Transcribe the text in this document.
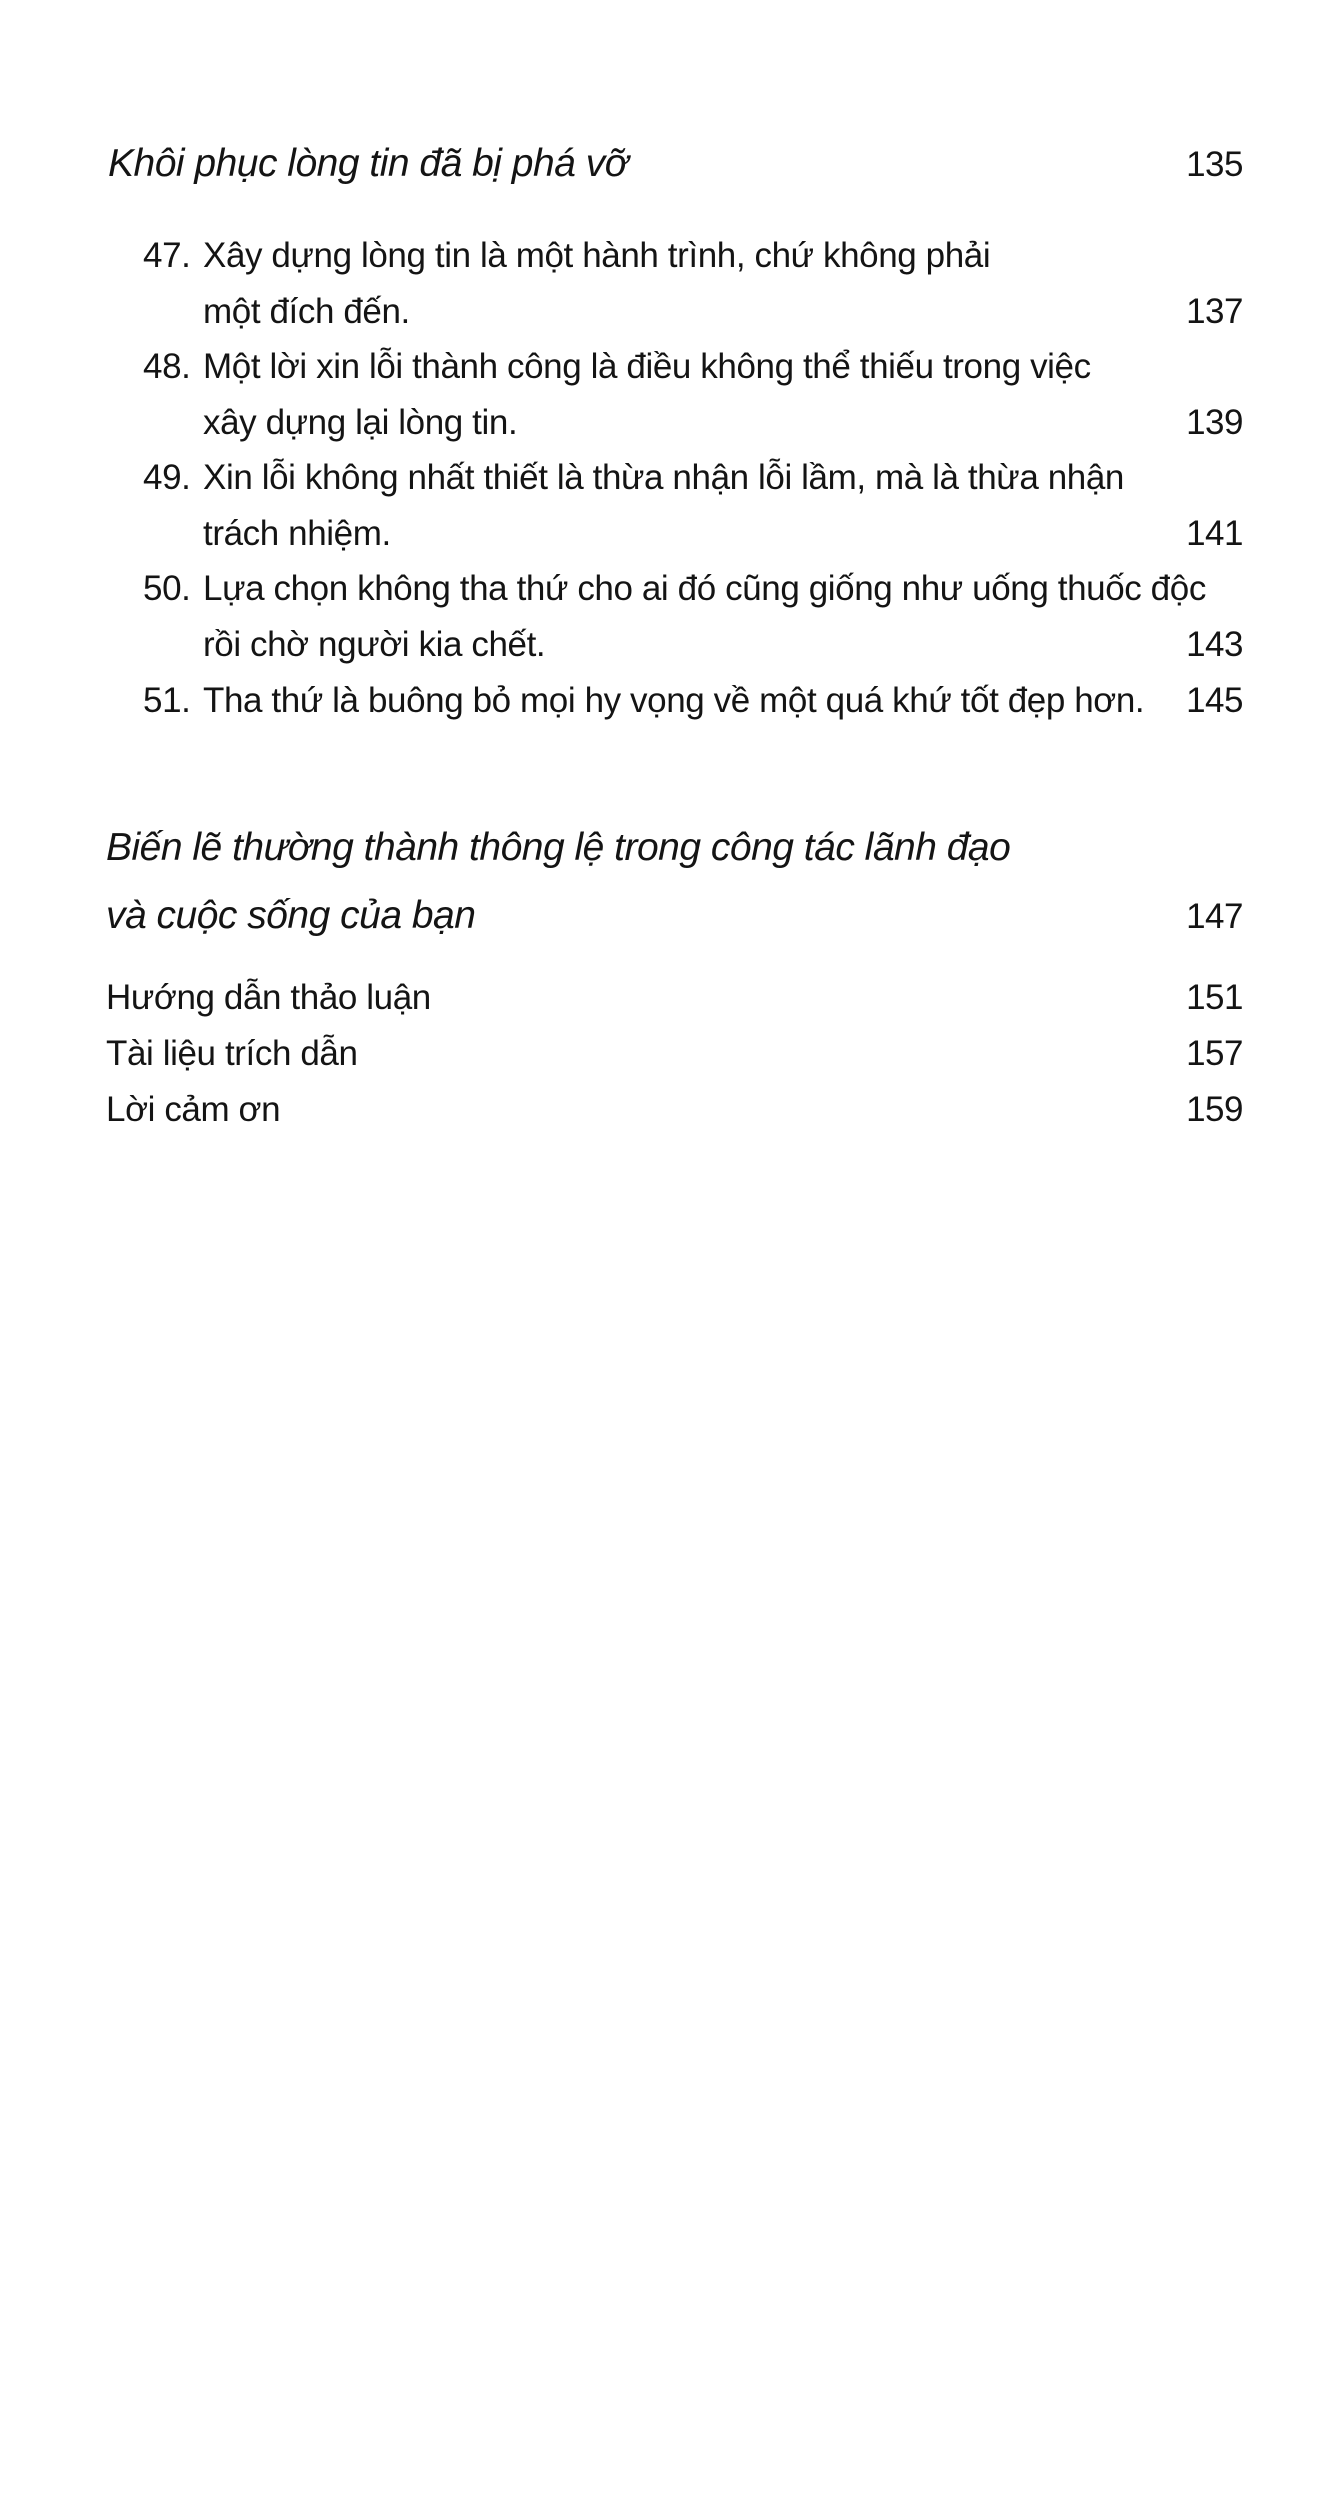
Khôi phục lòng tin đã bị phá vỡ	135
47. Xây dựng lòng tin là một hành trình, chứ không phải
một đích đến.	137
48. Một lời xin lỗi thành công là điều không thể thiếu trong việc
xây dựng lại lòng tin.	139
49. Xin lỗi không nhất thiết là thừa nhận lỗi lầm, mà là thừa nhận
trách nhiệm.	141
50. Lựa chọn không tha thứ cho ai đó cũng giống như uống thuốc độc
rồi chờ người kia chết.	143
51. Tha thứ là buông bỏ mọi hy vọng về một quá khứ tốt đẹp hơn. 145
Biến lẽ thường thành thông lệ trong công tác lãnh đạo
và cuộc sống của bạn	147
Hướng dẫn thảo luận	151
Tài liệu trích dẫn	157
Lời cảm ơn	159
